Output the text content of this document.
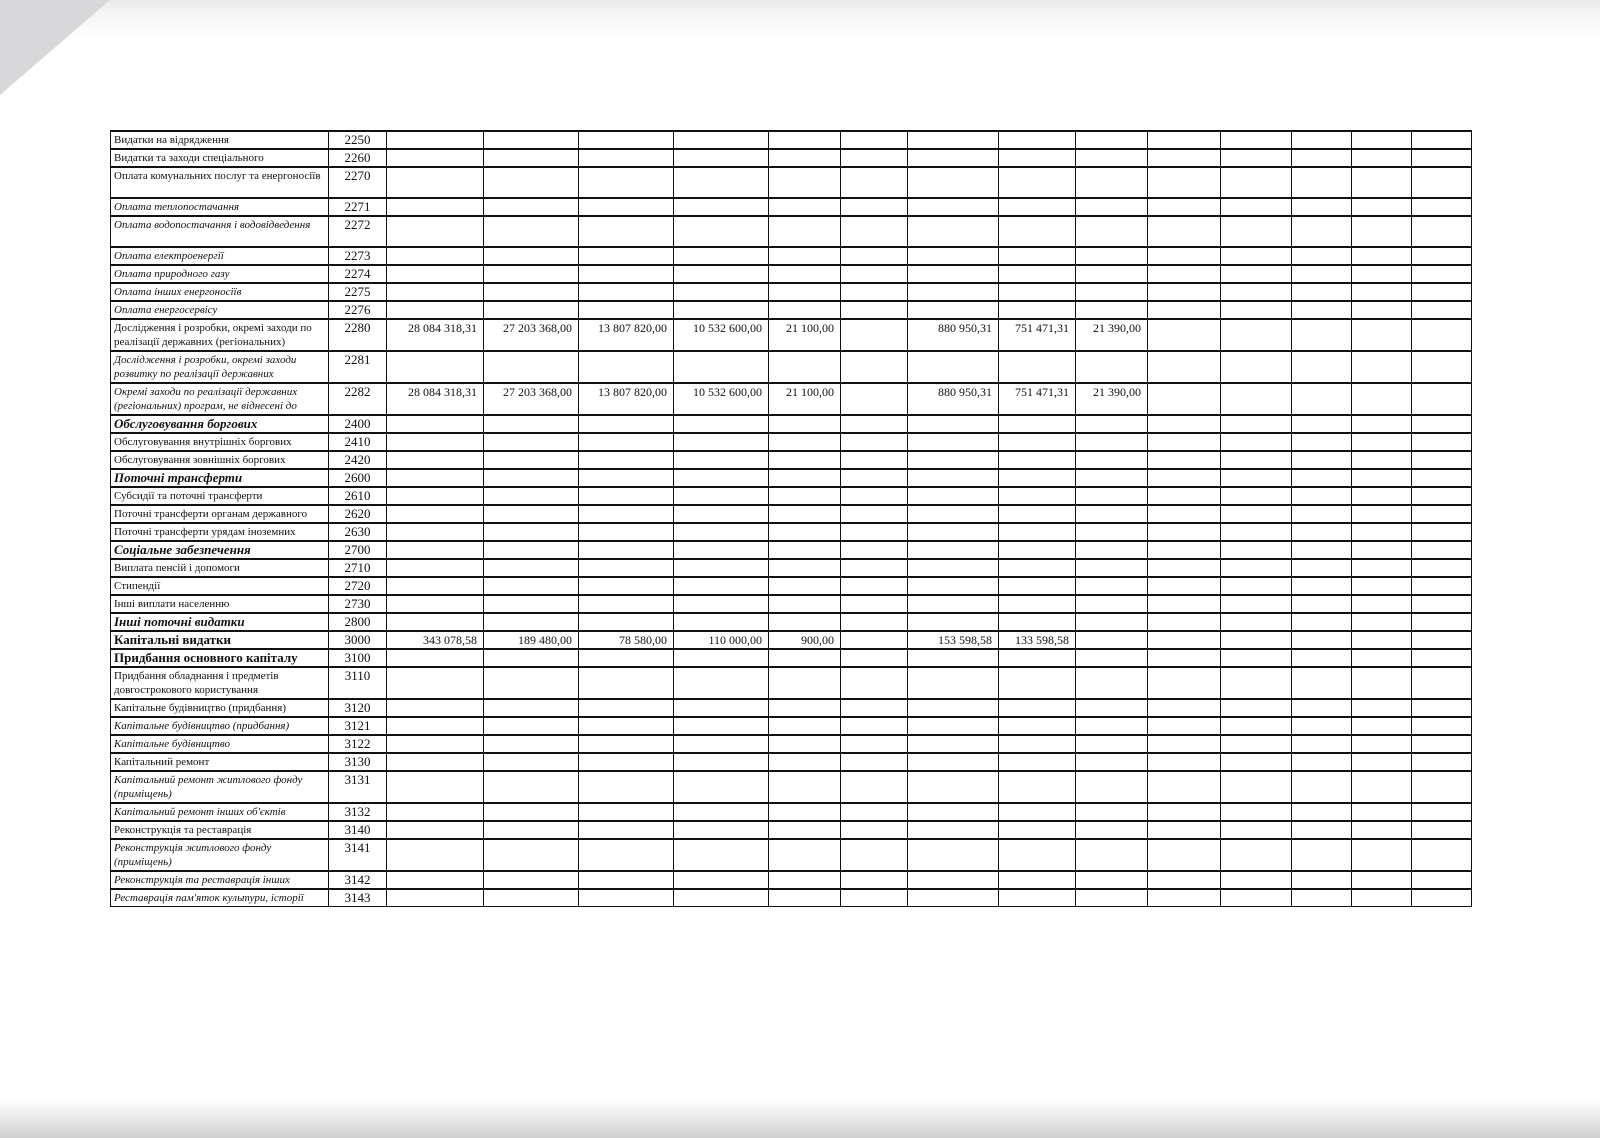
Видатки на відрядження	2250														
Видатки та заходи спеціального	2260														
Оплата комунальних послуг та енергоносіїв	2270														
Оплата теплопостачання	2271														
Оплата водопостачання і водовідведення	2272														
Оплата електроенергії	2273														
Оплата природного газу	2274														
Оплата інших енергоносіїв	2275														
Оплата енергосервісу	2276														
Дослідження і розробки, окремі заходи по реалізації державних (регіональних)	2280	28 084 318,31	27 203 368,00	13 807 820,00	10 532 600,00	21 100,00		880 950,31	751 471,31	21 390,00					
Дослідження і розробки, окремі заходи розвитку по реалізації державних	2281														
Окремі заходи по реалізації державних (регіональних) програм, не віднесені до	2282	28 084 318,31	27 203 368,00	13 807 820,00	10 532 600,00	21 100,00		880 950,31	751 471,31	21 390,00					
Обслуговування боргових	2400														
Обслуговування внутрішніх боргових	2410														
Обслуговування зовнішніх боргових	2420														
Поточні трансферти	2600														
Субсидії та поточні трансферти	2610														
Поточні трансферти органам державного	2620														
Поточні трансферти урядам іноземних	2630														
Соціальне забезпечення	2700														
Виплата пенсій і допомоги	2710														
Стипендії	2720														
Інші виплати населенню	2730														
Інші поточні видатки	2800														
Капітальні видатки	3000	343 078,58	189 480,00	78 580,00	110 000,00	900,00		153 598,58	133 598,58						
Придбання основного капіталу	3100														
Придбання обладнання і предметів довгострокового користування	3110														
Капітальне будівництво (придбання)	3120														
Капітальне будівництво (придбання)	3121														
Капітальне будівництво	3122														
Капітальний ремонт	3130														
Капітальний ремонт житлового фонду (приміщень)	3131														
Капітальний ремонт інших об'єктів	3132														
Реконструкція та реставрація	3140														
Реконструкція житлового фонду (приміщень)	3141														
Реконструкція та реставрація інших	3142														
Реставрація пам'яток культури, історії	3143														
